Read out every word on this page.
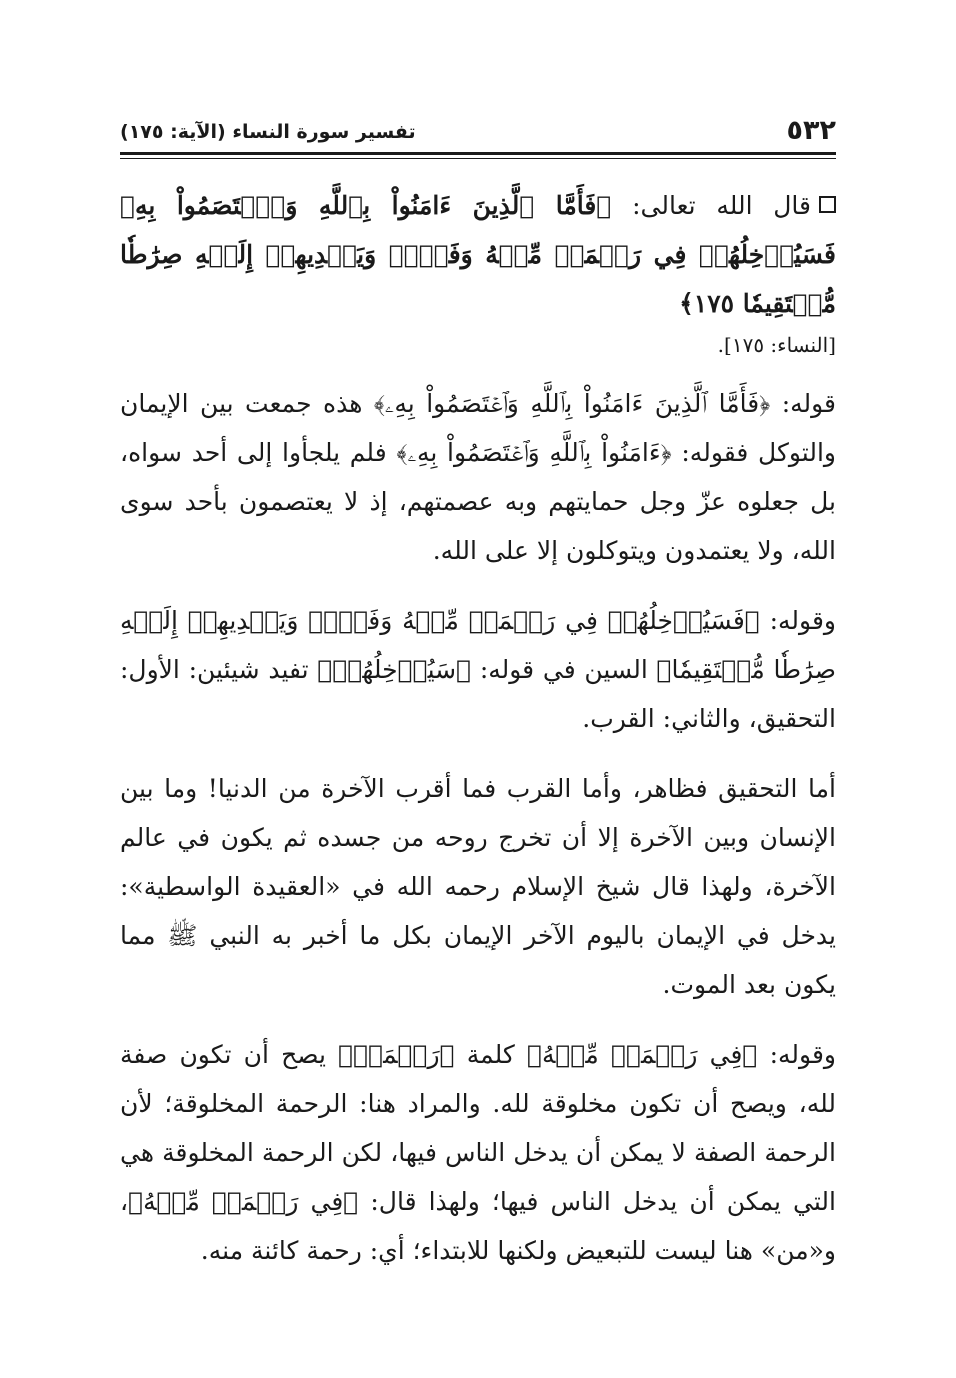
٥٣٢
تفسير سورة النساء (الآية: ١٧٥)

قال الله تعالى: ﴿فَأَمَّا ٱلَّذِينَ ءَامَنُواْ بِٱللَّهِ وَٱعۡتَصَمُواْ بِهِۦ فَسَيُدۡخِلُهُمۡ فِي رَحۡمَةٖ مِّنۡهُ وَفَضۡلٖ وَيَهۡدِيهِمۡ إِلَيۡهِ صِرَٰطٗا مُّسۡتَقِيمٗا ١٧٥﴾
[النساء: ١٧٥].

قوله: ﴿فَأَمَّا ٱلَّذِينَ ءَامَنُواْ بِٱللَّهِ وَٱعۡتَصَمُواْ بِهِۦ﴾ هذه جمعت بين الإيمان والتوكل فقوله: ﴿ءَامَنُواْ بِٱللَّهِ وَٱعۡتَصَمُواْ بِهِۦ﴾ فلم يلجأوا إلى أحد سواه، بل جعلوه عزّ وجل حمايتهم وبه عصمتهم، إذ لا يعتصمون بأحد سوى الله، ولا يعتمدون ويتوكلون إلا على الله.

وقوله: ﴿فَسَيُدۡخِلُهُمۡ فِي رَحۡمَةٖ مِّنۡهُ وَفَضۡلٖ وَيَهۡدِيهِمۡ إِلَيۡهِ صِرَٰطٗا مُّسۡتَقِيمٗا﴾ السين في قوله: ﴿سَيُدۡخِلُهُمۡ﴾ تفيد شيئين: الأول: التحقيق، والثاني: القرب.

أما التحقيق فظاهر، وأما القرب فما أقرب الآخرة من الدنيا! وما بين الإنسان وبين الآخرة إلا أن تخرج روحه من جسده ثم يكون في عالم الآخرة، ولهذا قال شيخ الإسلام رحمه الله في «العقيدة الواسطية»: يدخل في الإيمان باليوم الآخر الإيمان بكل ما أخبر به النبي ﷺ مما يكون بعد الموت.

وقوله: ﴿فِي رَحۡمَةٖ مِّنۡهُ﴾ كلمة ﴿رَحۡمَةٖ﴾ يصح أن تكون صفة لله، ويصح أن تكون مخلوقة لله. والمراد هنا: الرحمة المخلوقة؛ لأن الرحمة الصفة لا يمكن أن يدخل الناس فيها، لكن الرحمة المخلوقة هي التي يمكن أن يدخل الناس فيها؛ ولهذا قال: ﴿فِي رَحۡمَةٖ مِّنۡهُ﴾، و«من» هنا ليست للتبعيض ولكنها للابتداء؛ أي: رحمة كائنة منه.
